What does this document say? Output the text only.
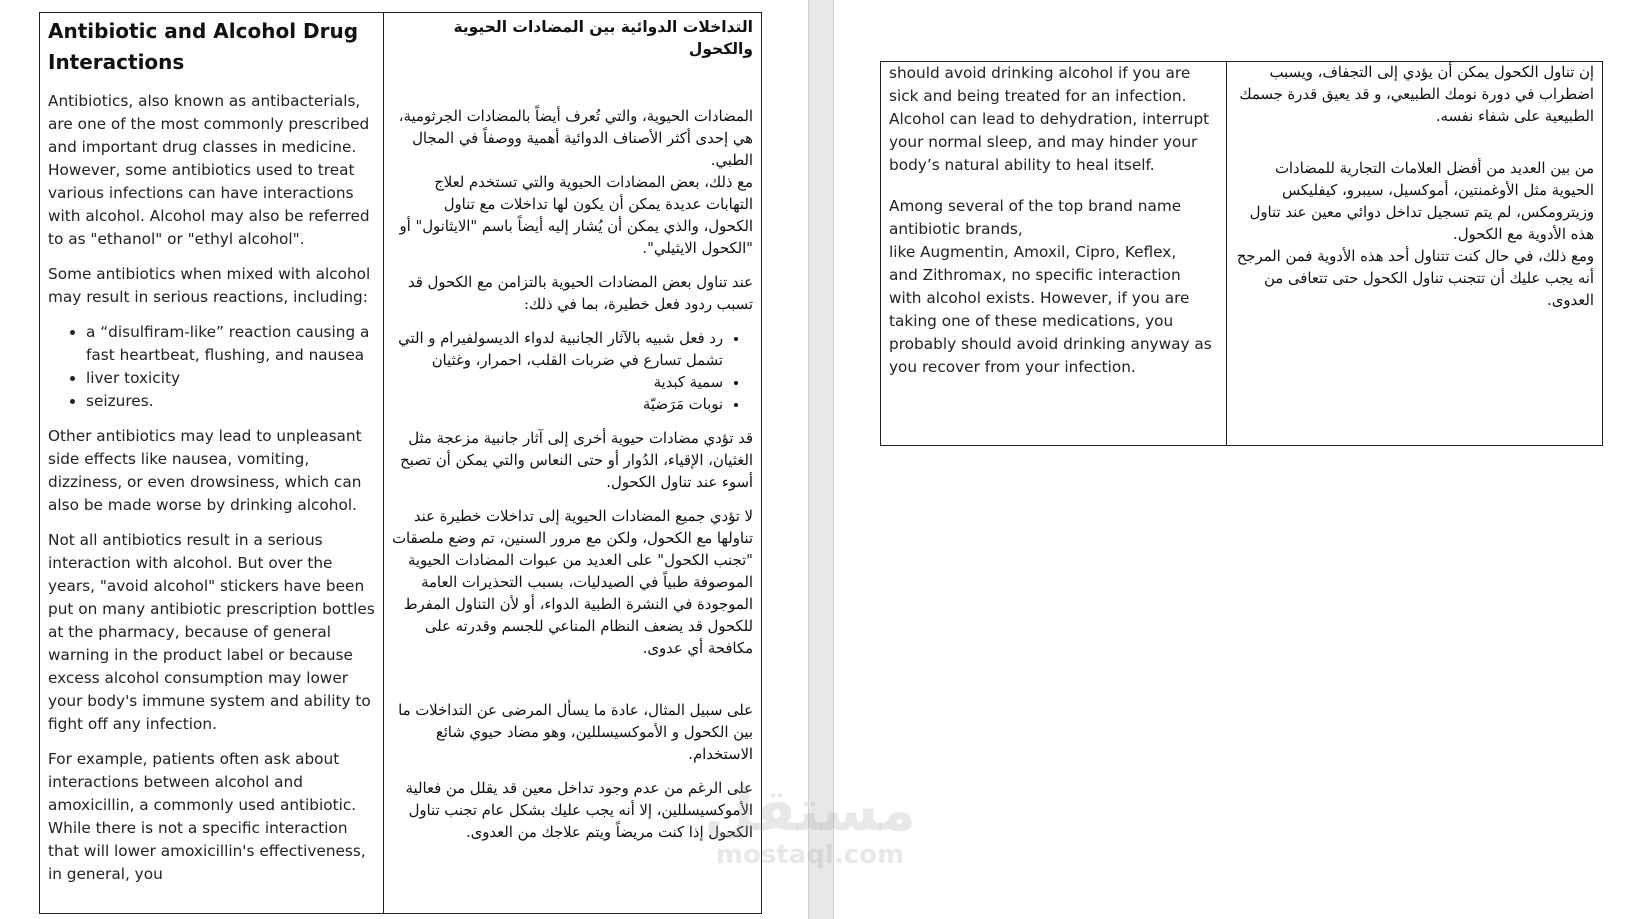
Antibiotic and Alcohol Drug Interactions

Antibiotics, also known as antibacterials, are one of the most commonly prescribed and important drug classes in medicine. However, some antibiotics used to treat various infections can have interactions with alcohol. Alcohol may also be referred to as "ethanol" or "ethyl alcohol".

Some antibiotics when mixed with alcohol may result in serious reactions, including:

• a “disulfiram-like” reaction causing a fast heartbeat, flushing, and nausea
• liver toxicity
• seizures.

Other antibiotics may lead to unpleasant side effects like nausea, vomiting, dizziness, or even drowsiness, which can also be made worse by drinking alcohol.

Not all antibiotics result in a serious interaction with alcohol. But over the years, "avoid alcohol" stickers have been put on many antibiotic prescription bottles at the pharmacy, because of general warning in the product label or because excess alcohol consumption may lower your body's immune system and ability to fight off any infection.

For example, patients often ask about interactions between alcohol and amoxicillin, a commonly used antibiotic. While there is not a specific interaction that will lower amoxicillin's effectiveness, in general, you

التداخلات الدوائية بين المضادات الحيوية والكحول

المضادات الحيوية، والتي تُعرف أيضاً بالمضادات الجرثومية، هي إحدى أكثر الأصناف الدوائية أهمية ووصفاً في المجال الطبي.

مع ذلك، بعض المضادات الحيوية والتي تستخدم لعلاج التهابات عديدة يمكن أن يكون لها تداخلات مع تناول الكحول، والذي يمكن أن يُشار إليه أيضاً باسم "الايثانول" أو "الكحول الايثيلي".

عند تناول بعض المضادات الحيوية بالتزامن مع الكحول قد تسبب ردود فعل خطيرة، بما في ذلك:

• رد فعل شبيه بالآثار الجانبية لدواء الديسولفيرام و التي تشمل تسارع في ضربات القلب، احمرار، وغثيان
• سمية كبدية
• نوبات مَرَضيّة

قد تؤدي مضادات حيوية أخرى إلى آثار جانبية مزعجة مثل الغثيان، الإقياء، الدُوار أو حتى النعاس والتي يمكن أن تصبح أسوء عند تناول الكحول.

لا تؤدي جميع المضادات الحيوية إلى تداخلات خطيرة عند تناولها مع الكحول، ولكن مع مرور السنين، تم وضع ملصقات "تجنب الكحول" على العديد من عبوات المضادات الحيوية الموصوفة طبياً في الصيدليات، بسبب التحذيرات العامة الموجودة في النشرة الطبية الدواء، أو لأن التناول المفرط للكحول قد يضعف النظام المناعي للجسم وقدرته على مكافحة أي عدوى.

على سبيل المثال، عادة ما يسأل المرضى عن التداخلات ما بين الكحول و الأموكسيسللين، وهو مضاد حيوي شائع الاستخدام.

على الرغم من عدم وجود تداخل معين قد يقلل من فعالية الأموكسيسللين، إلا أنه يجب عليك بشكل عام تجنب تناول الكحول إذا كنت مريضاً ويتم علاجك من العدوى.

should avoid drinking alcohol if you are sick and being treated for an infection. Alcohol can lead to dehydration, interrupt your normal sleep, and may hinder your body’s natural ability to heal itself.

Among several of the top brand name antibiotic brands,
like Augmentin, Amoxil, Cipro, Keflex,
and Zithromax, no specific interaction with alcohol exists. However, if you are taking one of these medications, you probably should avoid drinking anyway as you recover from your infection.

إن تناول الكحول يمكن أن يؤدي إلى التجفاف، ويسبب اضطراب في دورة نومك الطبيعي، و قد يعيق قدرة جسمك الطبيعية على شفاء نفسه.

من بين العديد من أفضل العلامات التجارية للمضادات الحيوية مثل الأوغمنتين، أموكسيل، سيبرو، كيفليكس وزيترومكس، لم يتم تسجيل تداخل دوائي معين عند تناول هذه الأدوية مع الكحول.

ومع ذلك، في حال كنت تتناول أحد هذه الأدوية فمن المرجح أنه يجب عليك أن تتجنب تناول الكحول حتى تتعافى من العدوى.

مستقل
mostaql.com
